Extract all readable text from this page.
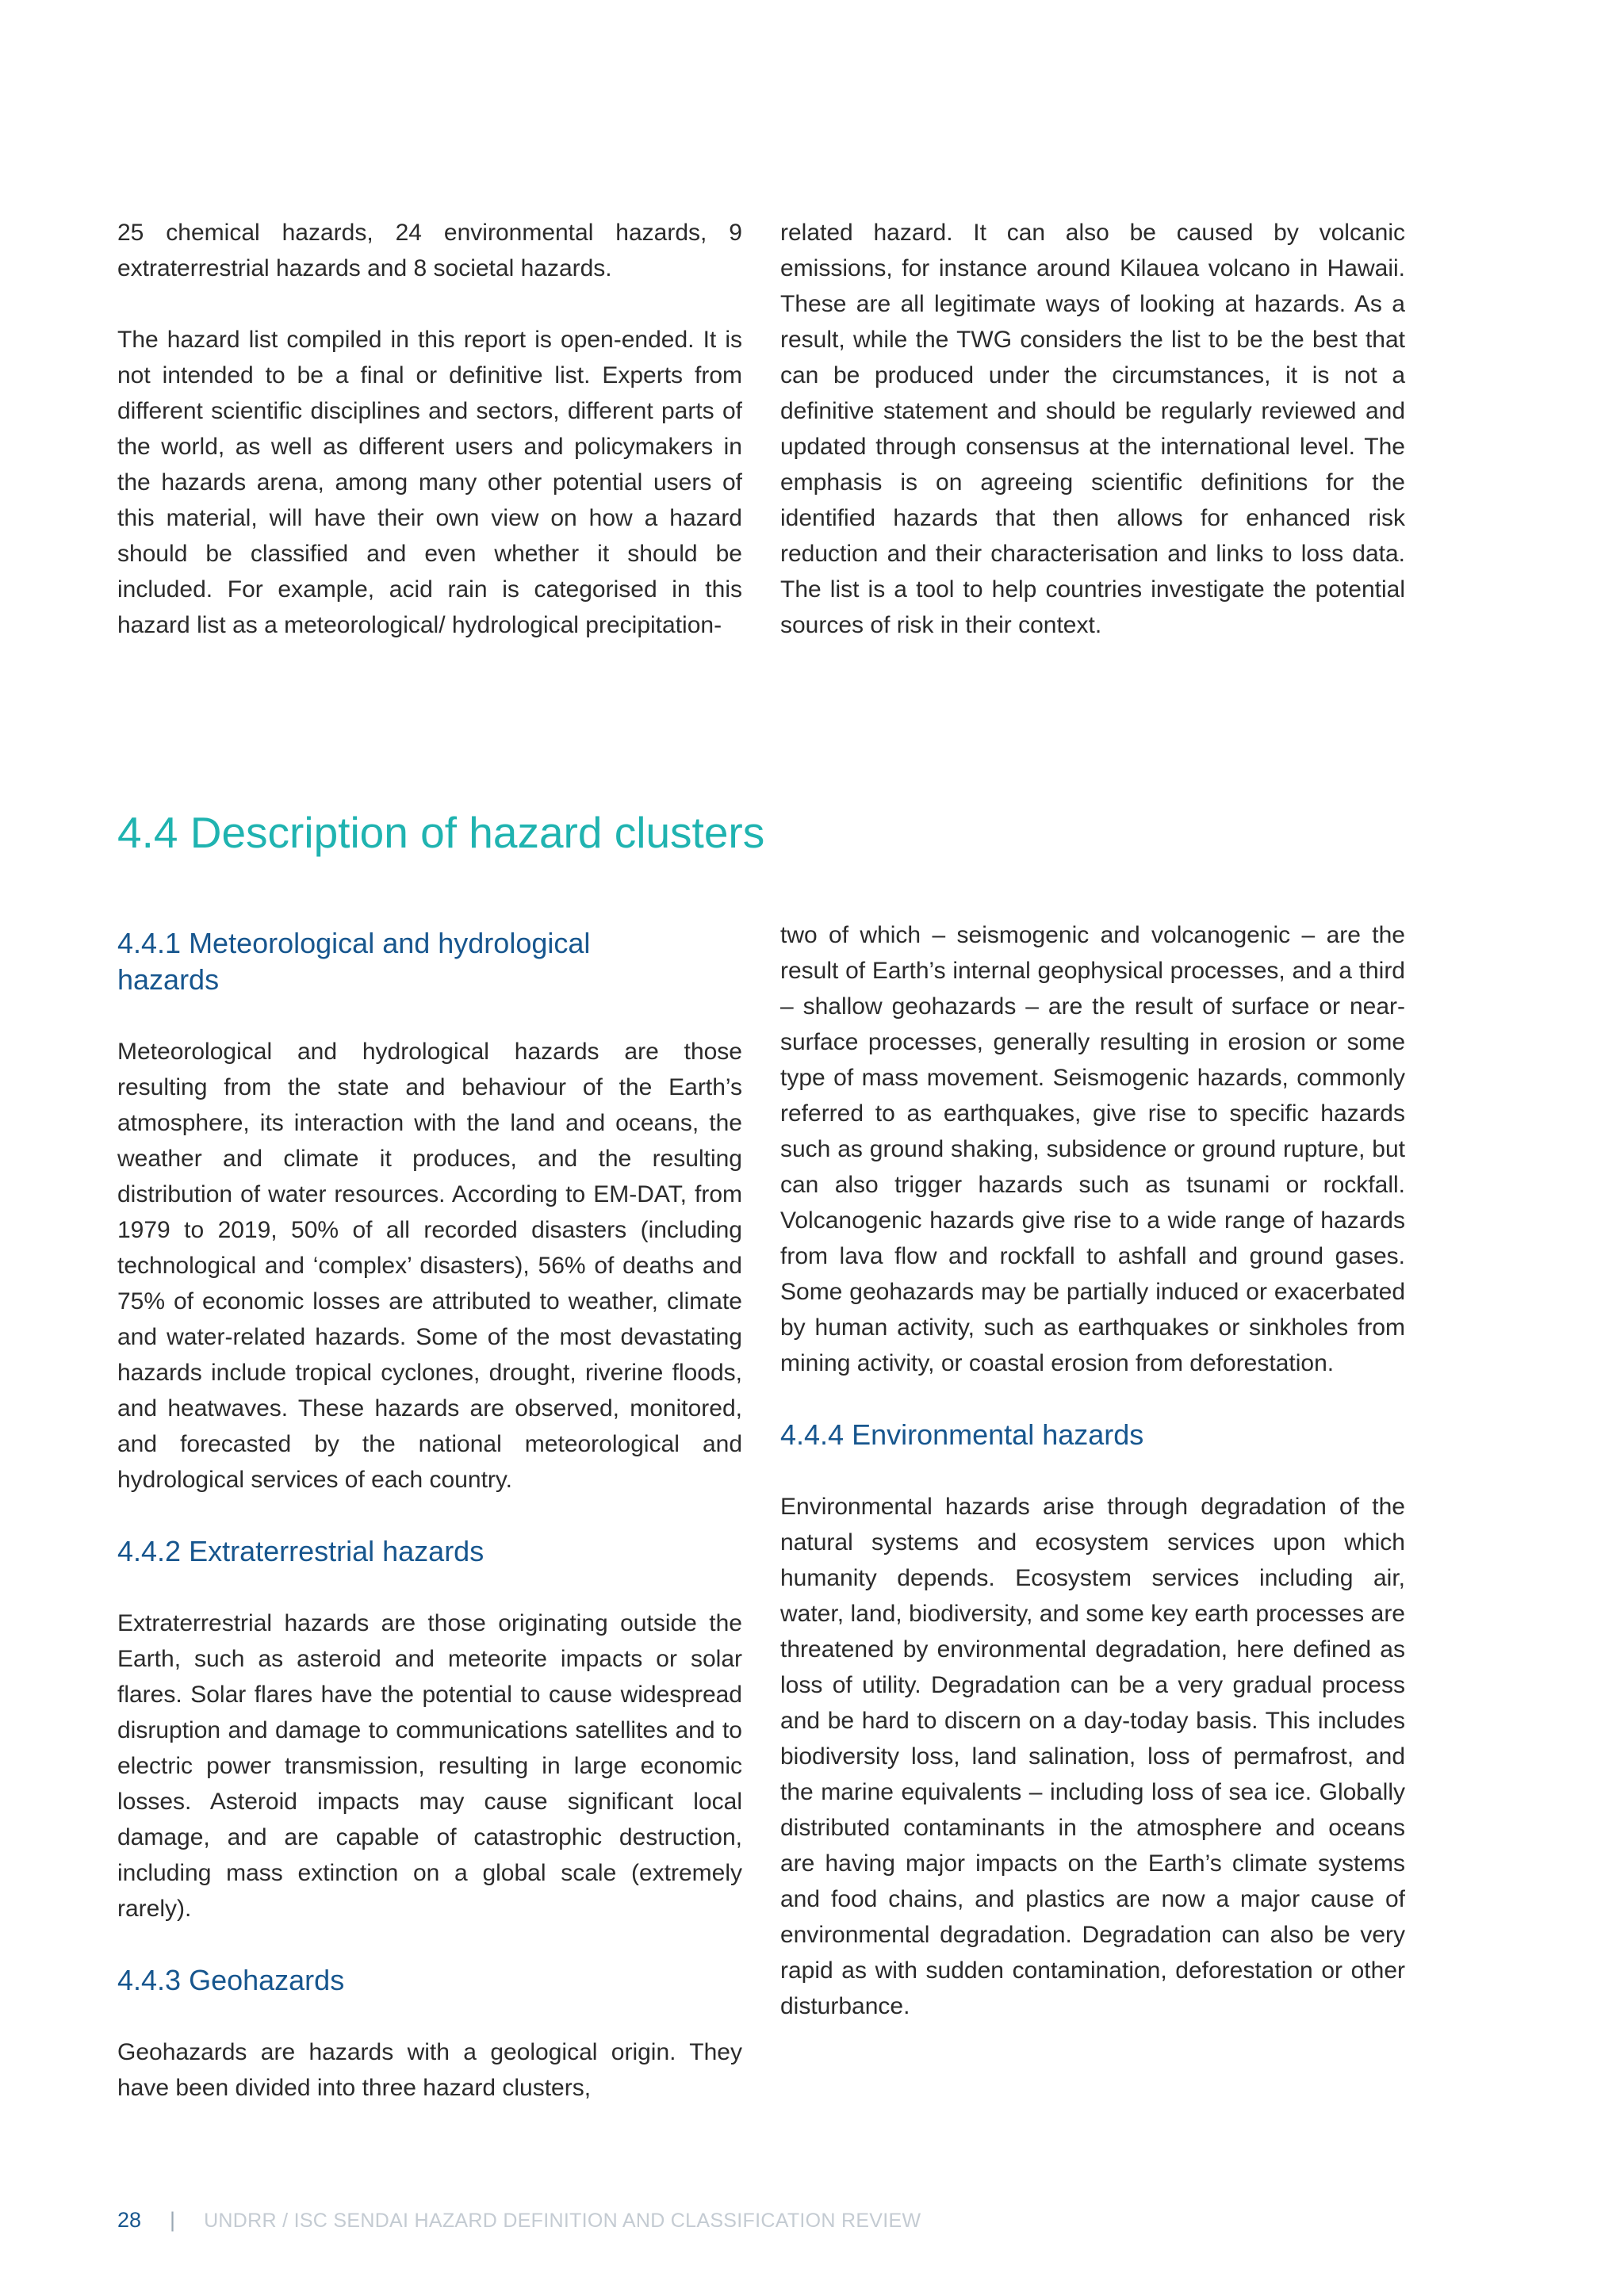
25 chemical hazards, 24 environmental hazards, 9 extraterrestrial hazards and 8 societal hazards.

The hazard list compiled in this report is open-ended. It is not intended to be a final or definitive list. Experts from different scientific disciplines and sectors, different parts of the world, as well as different users and policymakers in the hazards arena, among many other potential users of this material, will have their own view on how a hazard should be classified and even whether it should be included. For example, acid rain is categorised in this hazard list as a meteorological/ hydrological precipitation-

related hazard. It can also be caused by volcanic emissions, for instance around Kilauea volcano in Hawaii. These are all legitimate ways of looking at hazards. As a result, while the TWG considers the list to be the best that can be produced under the circumstances, it is not a definitive statement and should be regularly reviewed and updated through consensus at the international level. The emphasis is on agreeing scientific definitions for the identified hazards that then allows for enhanced risk reduction and their characterisation and links to loss data. The list is a tool to help countries investigate the potential sources of risk in their context.

4.4 Description of hazard clusters
4.4.1 Meteorological and hydrological hazards

Meteorological and hydrological hazards are those resulting from the state and behaviour of the Earth’s atmosphere, its interaction with the land and oceans, the weather and climate it produces, and the resulting distribution of water resources. According to EM-DAT, from 1979 to 2019, 50% of all recorded disasters (including technological and ‘complex’ disasters), 56% of deaths and 75% of economic losses are attributed to weather, climate and water-related hazards. Some of the most devastating hazards include tropical cyclones, drought, riverine floods, and heatwaves. These hazards are observed, monitored, and forecasted by the national meteorological and hydrological services of each country.

4.4.2 Extraterrestrial hazards

Extraterrestrial hazards are those originating outside the Earth, such as asteroid and meteorite impacts or solar flares. Solar flares have the potential to cause widespread disruption and damage to communications satellites and to electric power transmission, resulting in large economic losses. Asteroid impacts may cause significant local damage, and are capable of catastrophic destruction, including mass extinction on a global scale (extremely rarely).

4.4.3 Geohazards

Geohazards are hazards with a geological origin. They have been divided into three hazard clusters,

two of which – seismogenic and volcanogenic – are the result of Earth’s internal geophysical processes, and a third – shallow geohazards – are the result of surface or near-surface processes, generally resulting in erosion or some type of mass movement. Seismogenic hazards, commonly referred to as earthquakes, give rise to specific hazards such as ground shaking, subsidence or ground rupture, but can also trigger hazards such as tsunami or rockfall. Volcanogenic hazards give rise to a wide range of hazards from lava flow and rockfall to ashfall and ground gases. Some geohazards may be partially induced or exacerbated by human activity, such as earthquakes or sinkholes from mining activity, or coastal erosion from deforestation.

4.4.4 Environmental hazards

Environmental hazards arise through degradation of the natural systems and ecosystem services upon which humanity depends. Ecosystem services including air, water, land, biodiversity, and some key earth processes are threatened by environmental degradation, here defined as loss of utility. Degradation can be a very gradual process and be hard to discern on a day-today basis. This includes biodiversity loss, land salination, loss of permafrost, and the marine equivalents – including loss of sea ice. Globally distributed contaminants in the atmosphere and oceans are having major impacts on the Earth’s climate systems and food chains, and plastics are now a major cause of environmental degradation. Degradation can also be very rapid as with sudden contamination, deforestation or other disturbance.

28 | UNDRR / ISC SENDAI HAZARD DEFINITION AND CLASSIFICATION REVIEW
